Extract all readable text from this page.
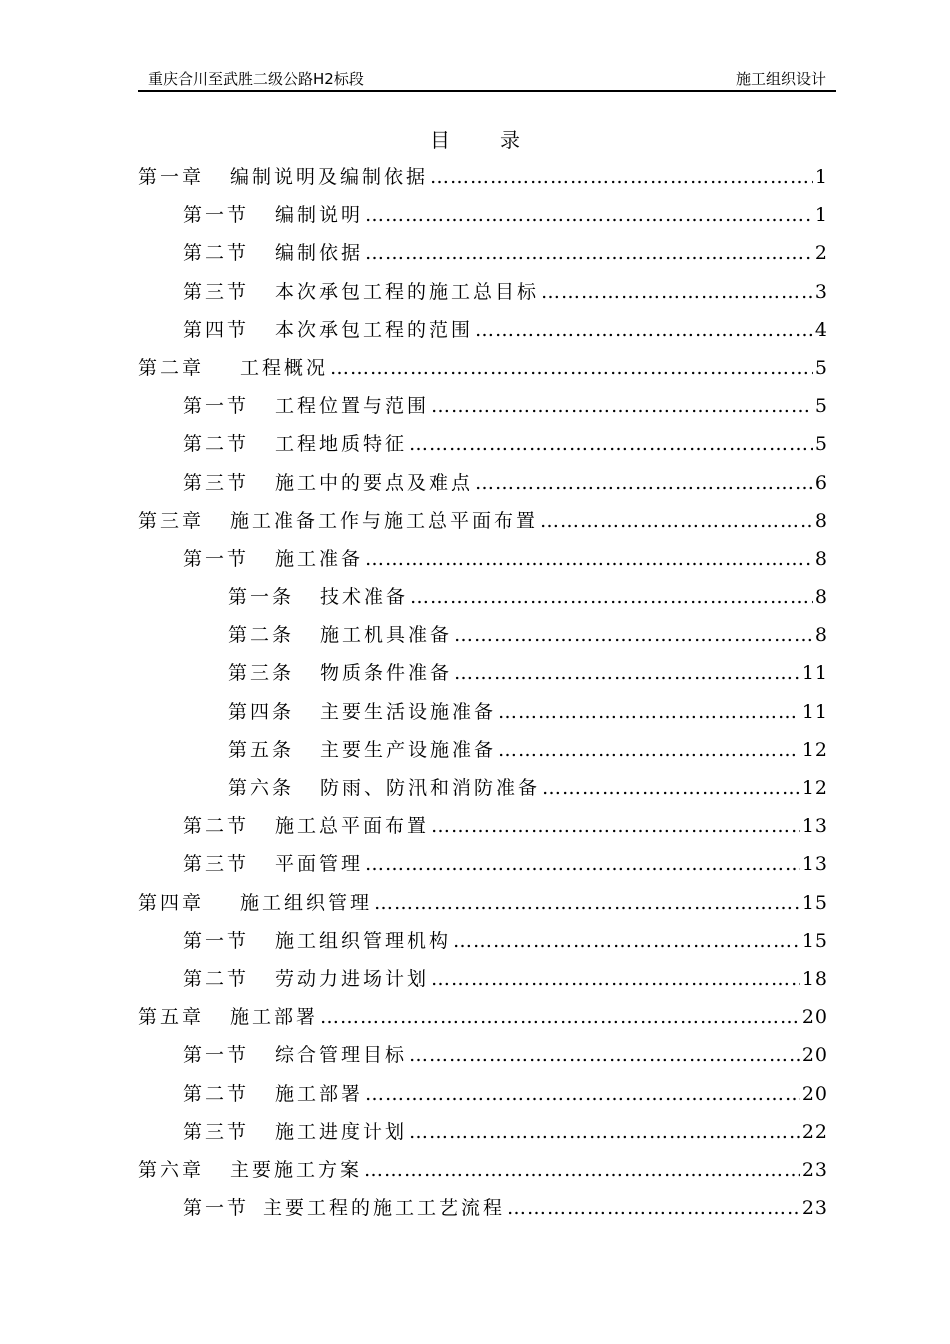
重庆合川至武胜二级公路H2标段	施工组织设计
目录
第一章 编制说明及编制依据 ………………………………………………………………………………………………………………	1
第一节 编制说明 ………………………………………………………………………………………………………………	1
第二节 编制依据 ………………………………………………………………………………………………………………	2
第三节 本次承包工程的施工总目标 ………………………………………………………………………………………………………………	3
第四节 本次承包工程的范围 ………………………………………………………………………………………………………………	4
第二章 工程概况 ………………………………………………………………………………………………………………	5
第一节 工程位置与范围 ………………………………………………………………………………………………………………	5
第二节 工程地质特征 ………………………………………………………………………………………………………………	5
第三节 施工中的要点及难点 ………………………………………………………………………………………………………………	6
第三章 施工准备工作与施工总平面布置 ………………………………………………………………………………………………………………	8
第一节 施工准备 ………………………………………………………………………………………………………………	8
第一条 技术准备 ………………………………………………………………………………………………………………	8
第二条 施工机具准备 ………………………………………………………………………………………………………………	8
第三条 物质条件准备 ………………………………………………………………………………………………………………	11
第四条 主要生活设施准备 ………………………………………………………………………………………………………………	11
第五条 主要生产设施准备 ………………………………………………………………………………………………………………	12
第六条 防雨、防汛和消防准备 ………………………………………………………………………………………………………………	12
第二节 施工总平面布置 ………………………………………………………………………………………………………………	13
第三节 平面管理 ………………………………………………………………………………………………………………	13
第四章 施工组织管理 ………………………………………………………………………………………………………………	15
第一节 施工组织管理机构 ………………………………………………………………………………………………………………	15
第二节 劳动力进场计划 ………………………………………………………………………………………………………………	18
第五章 施工部署 ………………………………………………………………………………………………………………	20
第一节 综合管理目标 ………………………………………………………………………………………………………………	20
第二节 施工部署 ………………………………………………………………………………………………………………	20
第三节 施工进度计划 ………………………………………………………………………………………………………………	22
第六章 主要施工方案 ………………………………………………………………………………………………………………	23
第一节 主要工程的施工工艺流程 ………………………………………………………………………………………………………………	23
